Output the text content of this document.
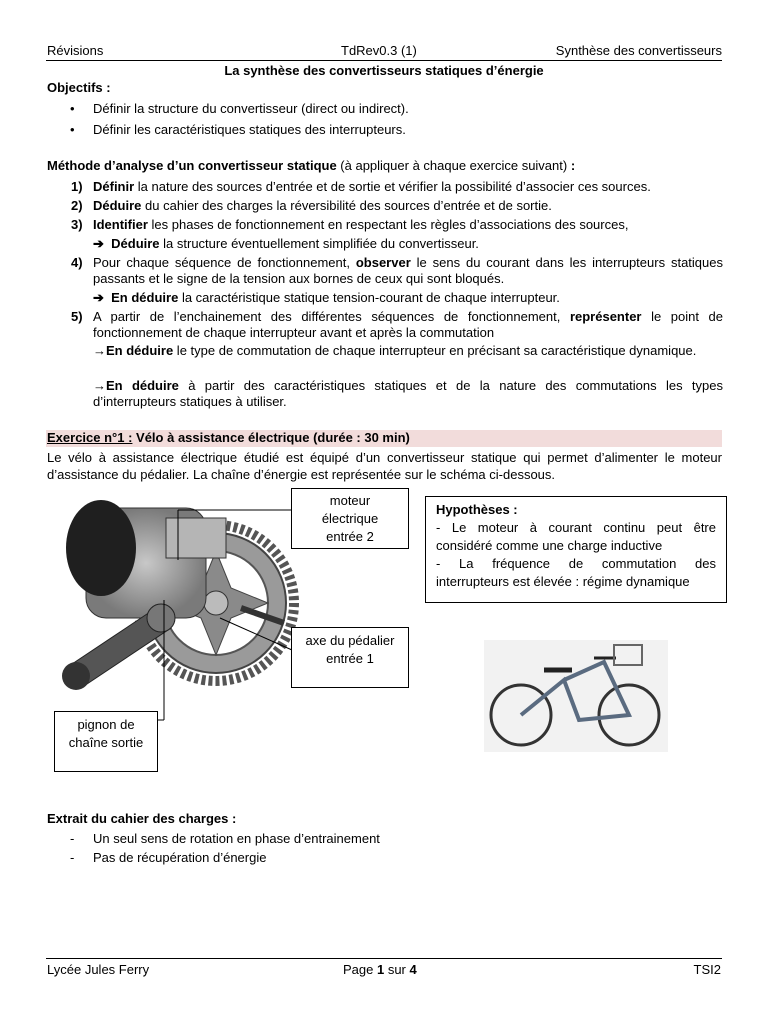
Révisions	TdRev0.3 (1)	Synthèse des convertisseurs
La synthèse des convertisseurs statiques d’énergie
Objectifs :
• Définir la structure du convertisseur (direct ou indirect).
• Définir les caractéristiques statiques des interrupteurs.
Méthode d’analyse d’un convertisseur statique (à appliquer à chaque exercice suivant) :
1) Définir la nature des sources d’entrée et de sortie et vérifier la possibilité d’associer ces sources.
2) Déduire du cahier des charges la réversibilité des sources d’entrée et de sortie.
3) Identifier les phases de fonctionnement en respectant les règles d’associations des sources,
➔ Déduire la structure éventuellement simplifiée du convertisseur.
4) Pour chaque séquence de fonctionnement, observer le sens du courant dans les interrupteurs statiques passants et le signe de la tension aux bornes de ceux qui sont bloqués.
➔ En déduire la caractéristique statique tension-courant de chaque interrupteur.
5) A partir de l’enchainement des différentes séquences de fonctionnement, représenter le point de fonctionnement de chaque interrupteur avant et après la commutation
→En déduire le type de commutation de chaque interrupteur en précisant sa caractéristique dynamique.
→En déduire à partir des caractéristiques statiques et de la nature des commutations les types d’interrupteurs statiques à utiliser.
Exercice n°1 : Vélo à assistance électrique (durée : 30 min)
Le vélo à assistance électrique étudié est équipé d’un convertisseur statique qui permet d’alimenter le moteur d’assistance du pédalier. La chaîne d’énergie est représentée sur le schéma ci-dessous.
moteur
électrique
entrée 2
axe du pédalier
entrée 1
pignon de
chaîne sortie
Hypothèses :
- Le moteur à courant continu peut être considéré comme une charge inductive
- La fréquence de commutation des interrupteurs est élevée : régime dynamique
Extrait du cahier des charges :
- Un seul sens de rotation en phase d’entrainement
- Pas de récupération d’énergie
Lycée Jules Ferry	Page 1 sur 4	TSI2
